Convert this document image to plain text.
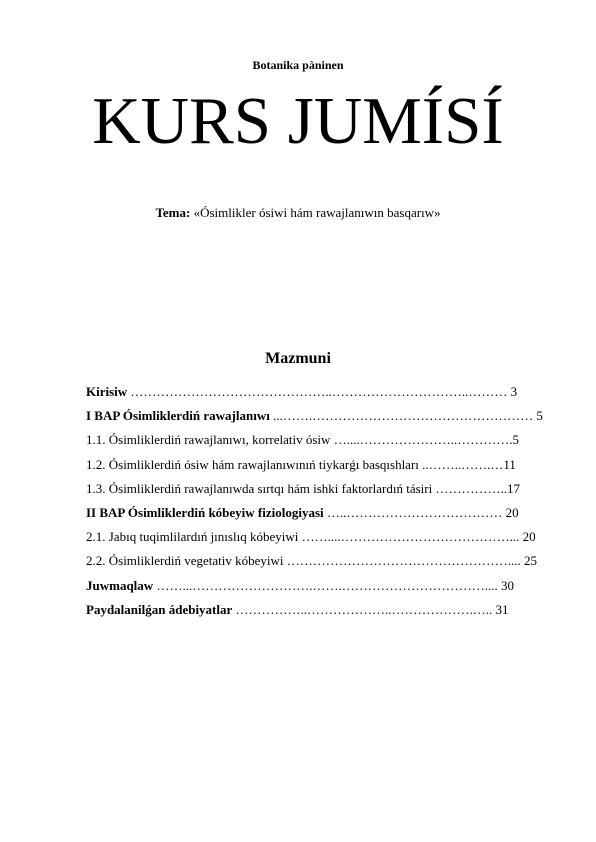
Botanika pàninen
KURS JUMÍSÍ
Tema: «Ósimlikler ósiwi hám rawajlanıwın basqarıw»
Mazmuni
Kirisiw ………………………………………..…………………………..……… 3
I BAP Ósimliklerdiń rawajlanıwı ...…….…………………………………………… 5
1.1. Ósimliklerdiń rawajlanıwı, korrelativ ósiw …....…………………..………….5
1.2. Ósimliklerdiń ósiw hám rawajlanıwınıń tiykarǵı basqıshları ..……..…….…11
1.3. Ósimliklerdiń rawajlanıwda sırtqı hám ishki faktorlardıń tásiri ……………..17
II BAP Ósimliklerdiń kóbeyiw fiziologiyasi …..……………………………… 20
2.1. Jabıq tuqimlilardıń jınıslıq kóbeyiwi ……....…………………………………... 20
2.2. Ósimliklerdiń vegetativ kóbeyiwi …………………………………………….... 25
Juwmaqlaw ……...……………………….…….…………………………….... 30
Paydalanilǵan ádebiyatlar ……………..………………..……………….….. 31
